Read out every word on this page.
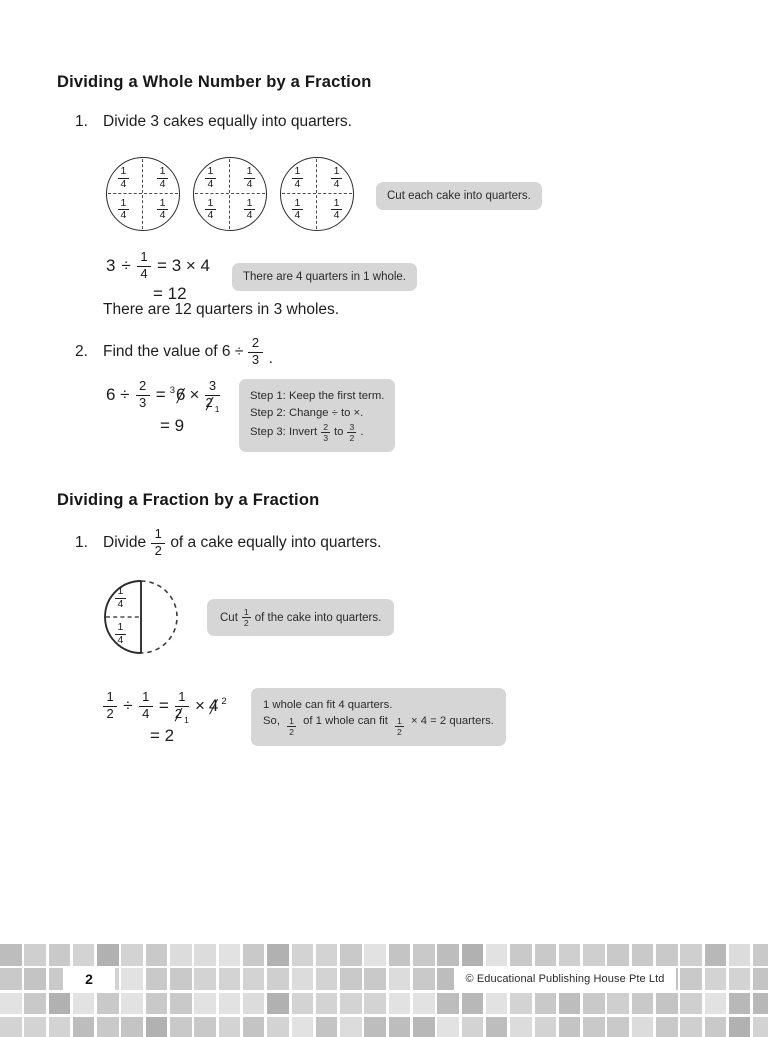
Dividing a Whole Number by a Fraction
1. Divide 3 cakes equally into quarters.
1
4
1
4
1
4
1
4
1
4
1
4
1
4
1
4
1
4
1
4
1
4
1
4
Cut each cake into quarters.
$3 \div \frac{1}{4} = 3 \times 4$
= 12
There are 4 quarters in 1 whole.
There are 12 quarters in 3 wholes.
2. Find the value of $6 \div \frac{2}{3}$ .
$6 \div \frac{2}{3} = ^36 \times \frac{3}{2 _1}$
= 9
Step 1: Keep the first term.
Step 2: Change ÷ to ×.
Step 3: Invert 2
3 to 3
2 .
Dividing a Fraction by a Fraction
1. Divide $\frac{1}{2}$ of a cake equally into quarters.
1
4
1
4
Cut 1
2 of the cake into quarters.
$\frac{1}{2} \div \frac{1}{4} = \frac{1}{2 _1} \times 4$ $^2$
= 2
1 whole can fit 4 quarters.
So, $\frac{1}{2}$ of 1 whole can fit $\frac{1}{2} \times 4 = 2$ quarters.
2	© Educational Publishing House Pte Ltd
